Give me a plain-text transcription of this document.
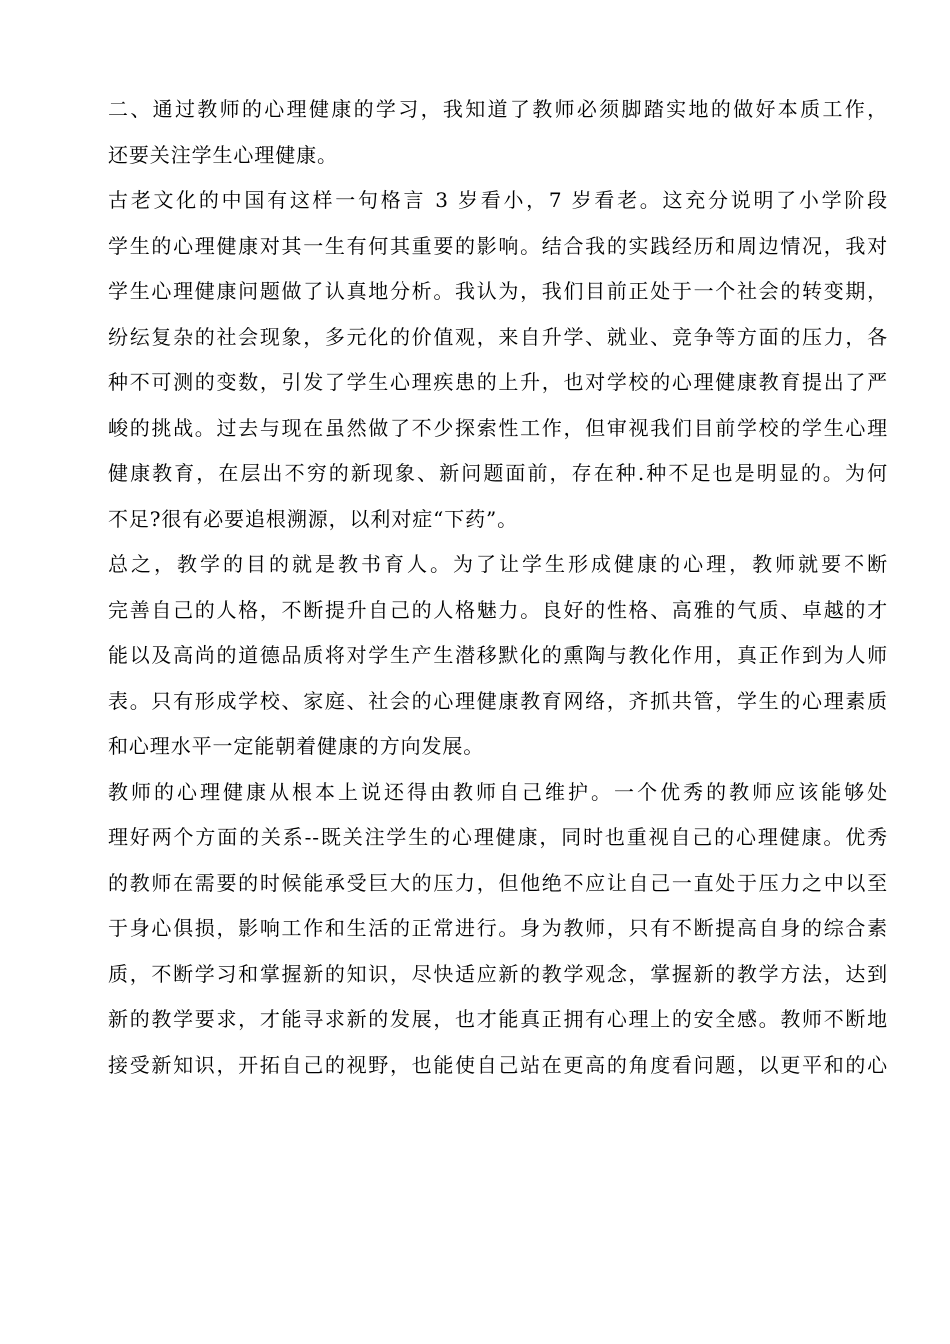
二、通过教师的心理健康的学习，我知道了教师必须脚踏实地的做好本质工作，
还要关注学生心理健康。

古老文化的中国有这样一句格言 3 岁看小，7 岁看老。这充分说明了小学阶段
学生的心理健康对其一生有何其重要的影响。结合我的实践经历和周边情况，我对
学生心理健康问题做了认真地分析。我认为，我们目前正处于一个社会的转变期，
纷纭复杂的社会现象，多元化的价值观，来自升学、就业、竞争等方面的压力，各
种不可测的变数，引发了学生心理疾患的上升，也对学校的心理健康教育提出了严
峻的挑战。过去与现在虽然做了不少探索性工作，但审视我们目前学校的学生心理
健康教育，在层出不穷的新现象、新问题面前，存在种.种不足也是明显的。为何
不足?很有必要追根溯源，以利对症“下药”。

总之，教学的目的就是教书育人。为了让学生形成健康的心理，教师就要不断
完善自己的人格，不断提升自己的人格魅力。良好的性格、高雅的气质、卓越的才
能以及高尚的道德品质将对学生产生潜移默化的熏陶与教化作用，真正作到为人师
表。只有形成学校、家庭、社会的心理健康教育网络，齐抓共管，学生的心理素质
和心理水平一定能朝着健康的方向发展。

教师的心理健康从根本上说还得由教师自己维护。一个优秀的教师应该能够处
理好两个方面的关系--既关注学生的心理健康，同时也重视自己的心理健康。优秀
的教师在需要的时候能承受巨大的压力，但他绝不应让自己一直处于压力之中以至
于身心俱损，影响工作和生活的正常进行。身为教师，只有不断提高自身的综合素
质，不断学习和掌握新的知识，尽快适应新的教学观念，掌握新的教学方法，达到
新的教学要求，才能寻求新的发展，也才能真正拥有心理上的安全感。教师不断地
接受新知识，开拓自己的视野，也能使自己站在更高的角度看问题，以更平和的心
